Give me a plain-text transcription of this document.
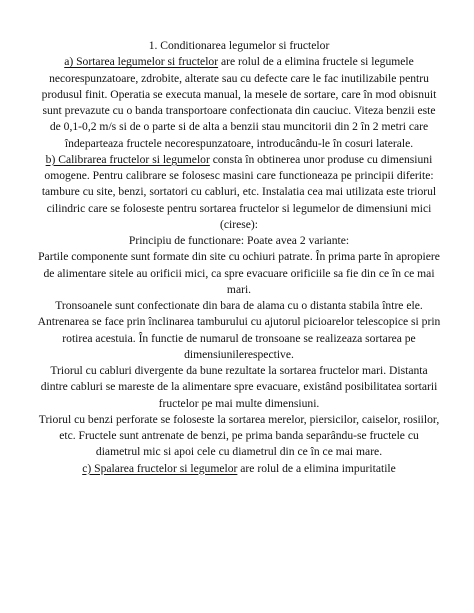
1. Conditionarea legumelor si fructelor

a) Sortarea legumelor si fructelor are rolul de a elimina fructele si legumele necorespunzatoare, zdrobite, alterate sau cu defecte care le fac inutilizabile pentru produsul finit. Operatia se executa manual, la mesele de sortare, care în mod obisnuit sunt prevazute cu o banda transportoare confectionata din cauciuc. Viteza benzii este de 0,1-0,2 m/s si de o parte si de alta a benzii stau muncitorii din 2 în 2 metri care îndeparteaza fructele necorespunzatoare, introducându-le în cosuri laterale.

b) Calibrarea fructelor si legumelor consta în obtinerea unor produse cu dimensiuni omogene. Pentru calibrare se folosesc masini care functioneaza pe principii diferite: tambure cu site, benzi, sortatori cu cabluri, etc. Instalatia cea mai utilizata este triorul cilindric care se foloseste pentru sortarea fructelor si legumelor de dimensiuni mici (cirese):

Principiu de functionare: Poate avea 2 variante:

Partile componente sunt formate din site cu ochiuri patrate. În prima parte în apropiere de alimentare sitele au orificii mici, ca spre evacuare orificiile sa fie din ce în ce mai mari.

Tronsoanele sunt confectionate din bara de alama cu o distanta stabila între ele. Antrenarea se face prin înclinarea tamburului cu ajutorul picioarelor telescopice si prin rotirea acestuia. În functie de numarul de tronsoane se realizeaza sortarea pe dimensiunilerespective.

Triorul cu cabluri divergente da bune rezultate la sortarea fructelor mari. Distanta dintre cabluri se mareste de la alimentare spre evacuare, existând posibilitatea sortarii fructelor pe mai multe dimensiuni.

Triorul cu benzi perforate se foloseste la sortarea merelor, piersicilor, caiselor, rosiilor, etc. Fructele sunt antrenate de benzi, pe prima banda separându-se fructele cu diametrul mic si apoi cele cu diametrul din ce în ce mai mare.

c) Spalarea fructelor si legumelor are rolul de a elimina impuritatile
